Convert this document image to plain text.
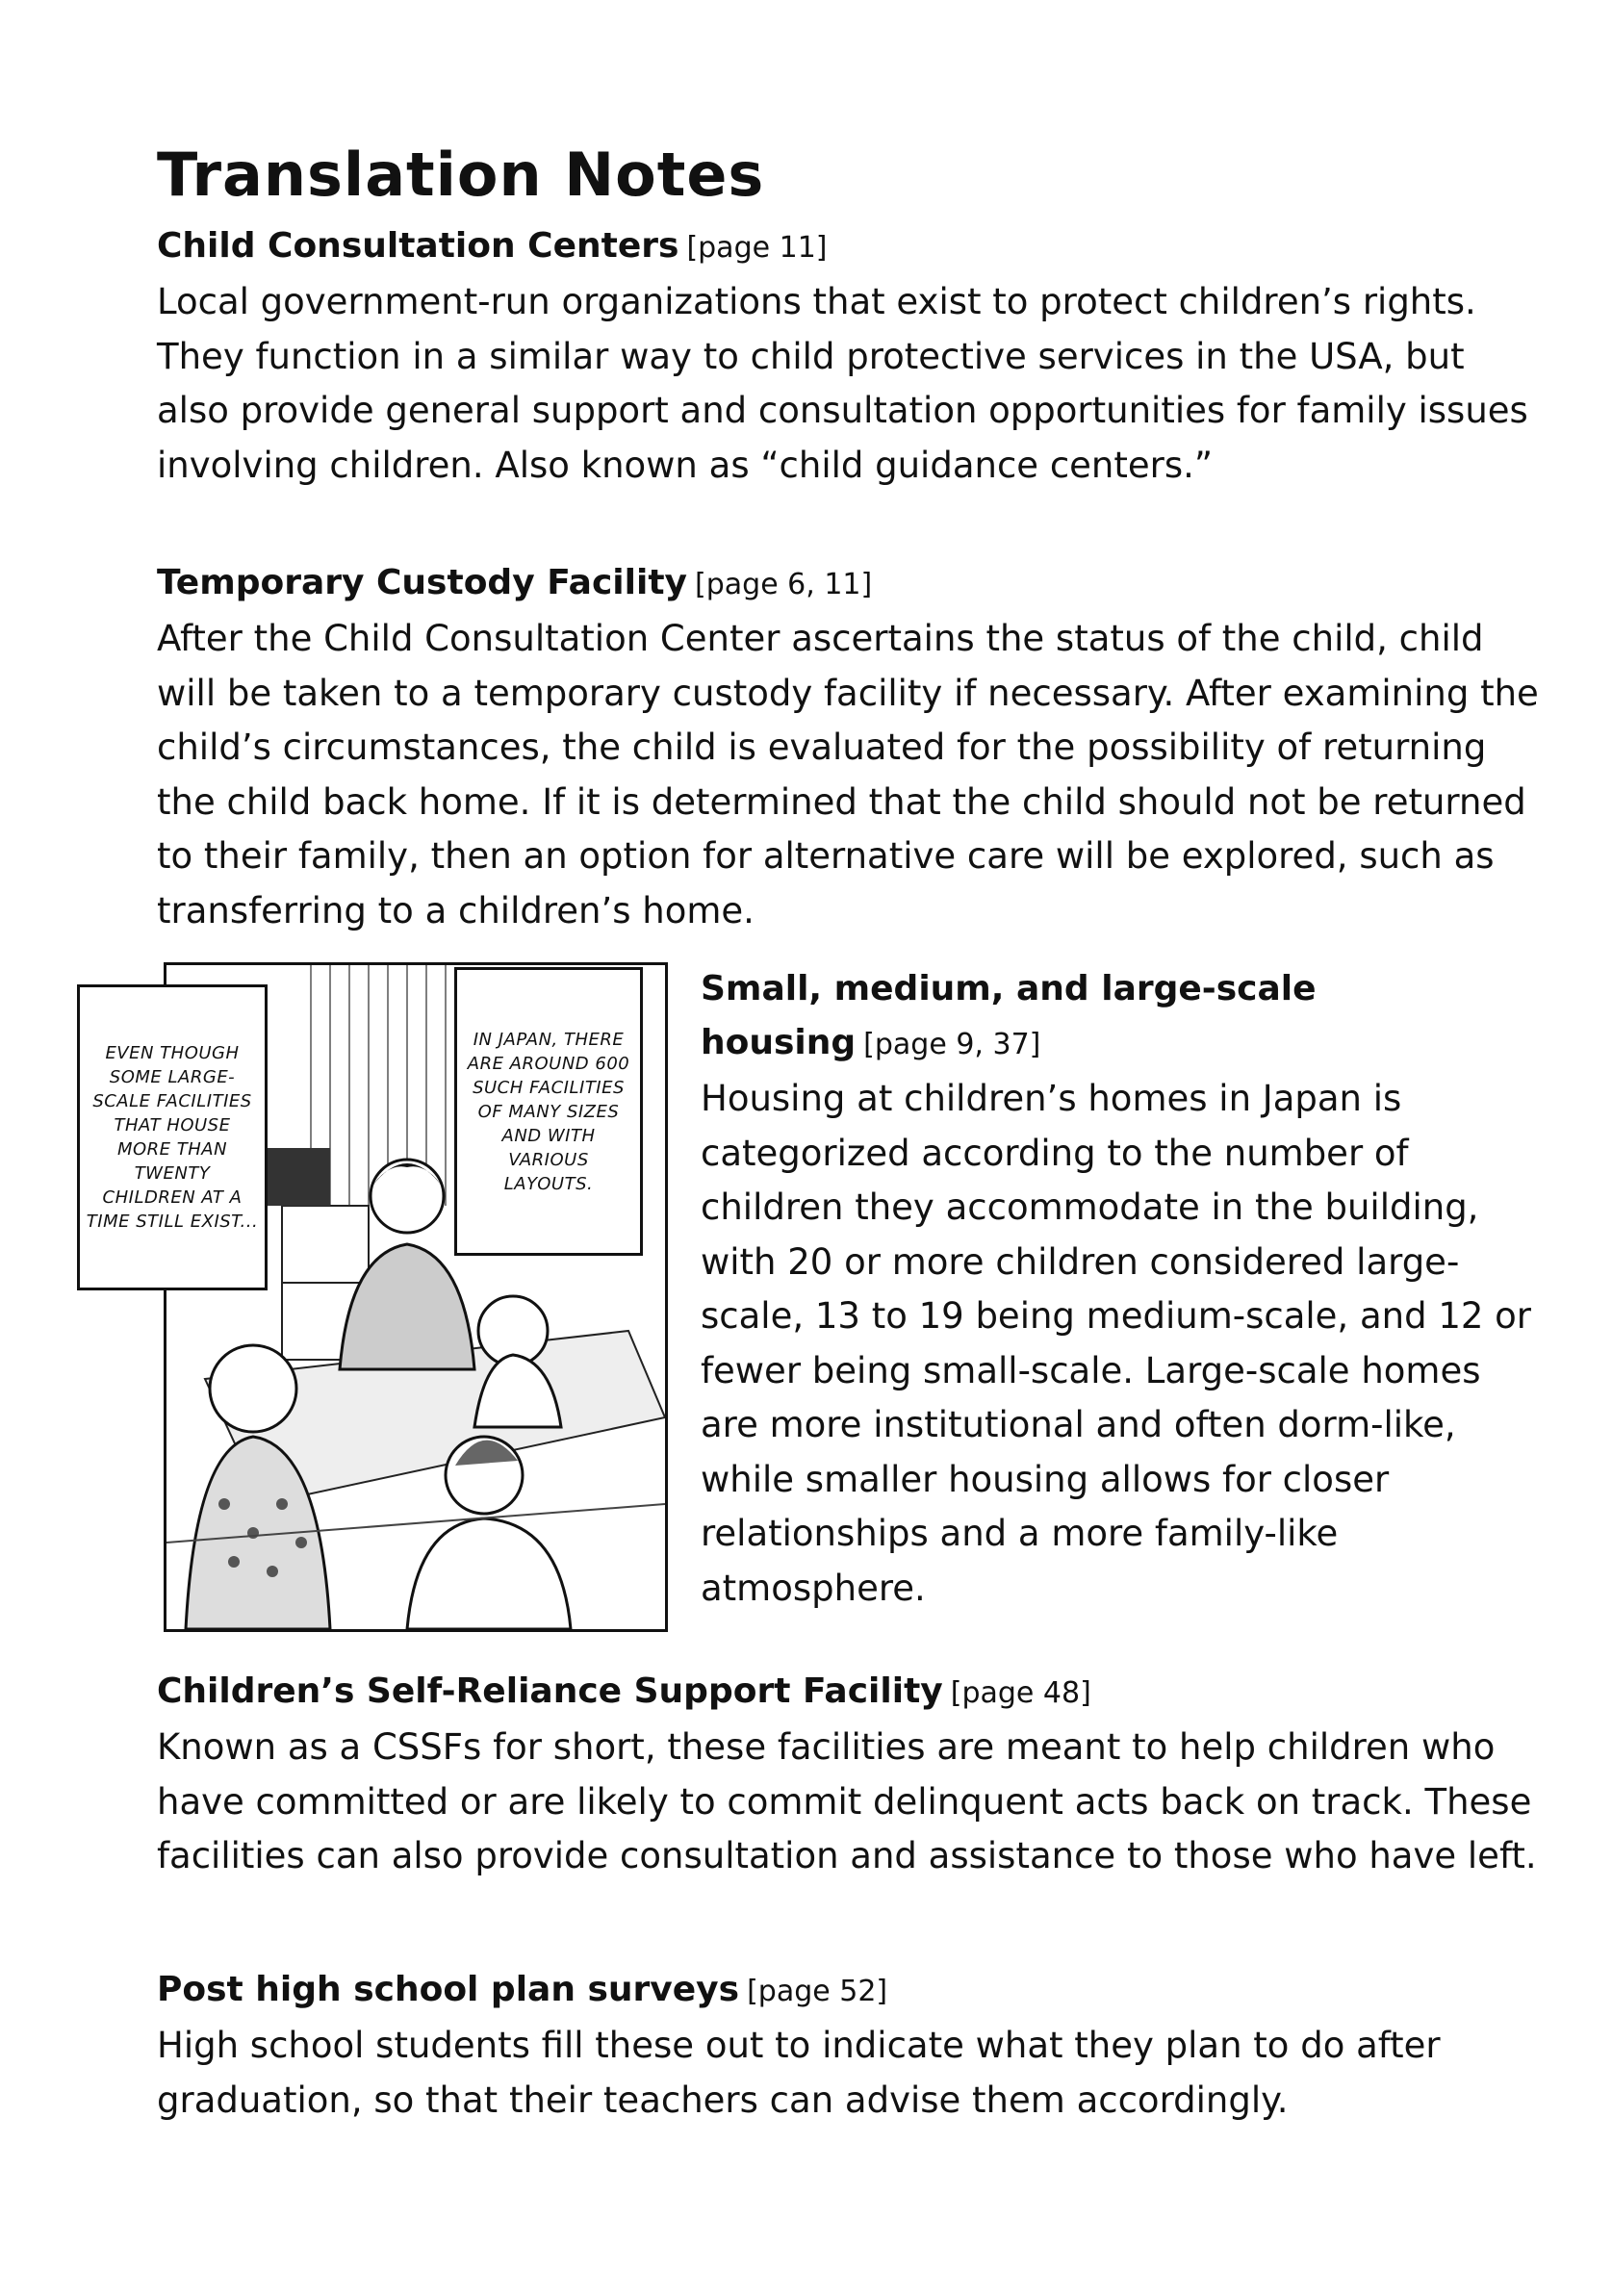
Translation Notes

Child Consultation Centers [page 11]

Local government-run organizations that exist to protect children’s rights. They function in a similar way to child protective services in the USA, but also provide general support and consultation opportunities for family issues involving children. Also known as “child guidance centers.”

Temporary Custody Facility [page 6, 11]

After the Child Consultation Center ascertains the status of the child, child will be taken to a temporary custody facility if necessary. After examining the child’s circumstances, the child is evaluated for the possibility of returning the child back home. If it is determined that the child should not be returned to their family, then an option for alternative care will be explored, such as transferring to a children’s home.

EVEN THOUGH SOME LARGE-SCALE FACILITIES THAT HOUSE MORE THAN TWENTY CHILDREN AT A TIME STILL EXIST...
IN JAPAN, THERE ARE AROUND 600 SUCH FACILITIES OF MANY SIZES AND WITH VARIOUS LAYOUTS.

Small, medium, and large-scale housing [page 9, 37]

Housing at children’s homes in Japan is categorized according to the number of children they accommodate in the building, with 20 or more children considered large-scale, 13 to 19 being medium-scale, and 12 or fewer being small-scale. Large-scale homes are more institutional and often dorm-like, while smaller housing allows for closer relationships and a more family-like atmosphere.

Children’s Self-Reliance Support Facility [page 48]

Known as a CSSFs for short, these facilities are meant to help children who have committed or are likely to commit delinquent acts back on track. These facilities can also provide consultation and assistance to those who have left.

Post high school plan surveys [page 52]

High school students fill these out to indicate what they plan to do after graduation, so that their teachers can advise them accordingly.
